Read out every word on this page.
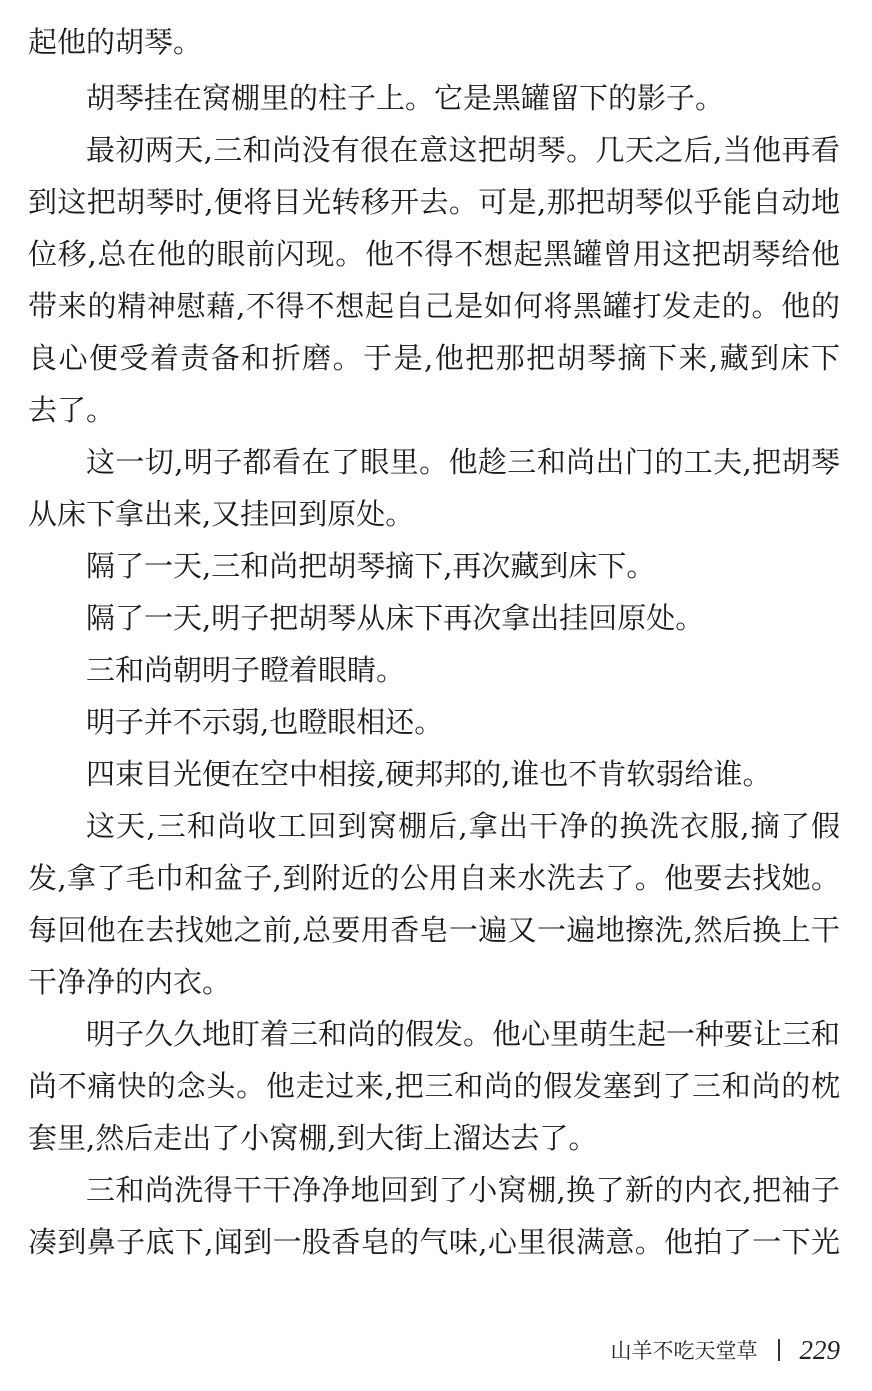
起他的胡琴。
胡琴挂在窝棚里的柱子上。它是黑罐留下的影子。
最初两天,三和尚没有很在意这把胡琴。几天之后,当他再看
到这把胡琴时,便将目光转移开去。可是,那把胡琴似乎能自动地
位移,总在他的眼前闪现。他不得不想起黑罐曾用这把胡琴给他
带来的精神慰藉,不得不想起自己是如何将黑罐打发走的。他的
良心便受着责备和折磨。于是,他把那把胡琴摘下来,藏到床下
去了。
这一切,明子都看在了眼里。他趁三和尚出门的工夫,把胡琴
从床下拿出来,又挂回到原处。
隔了一天,三和尚把胡琴摘下,再次藏到床下。
隔了一天,明子把胡琴从床下再次拿出挂回原处。
三和尚朝明子瞪着眼睛。
明子并不示弱,也瞪眼相还。
四束目光便在空中相接,硬邦邦的,谁也不肯软弱给谁。
这天,三和尚收工回到窝棚后,拿出干净的换洗衣服,摘了假
发,拿了毛巾和盆子,到附近的公用自来水洗去了。他要去找她。
每回他在去找她之前,总要用香皂一遍又一遍地擦洗,然后换上干
干净净的内衣。
明子久久地盯着三和尚的假发。他心里萌生起一种要让三和
尚不痛快的念头。他走过来,把三和尚的假发塞到了三和尚的枕
套里,然后走出了小窝棚,到大街上溜达去了。
三和尚洗得干干净净地回到了小窝棚,换了新的内衣,把袖子
凑到鼻子底下,闻到一股香皂的气味,心里很满意。他拍了一下光
山羊不吃天堂草 229
